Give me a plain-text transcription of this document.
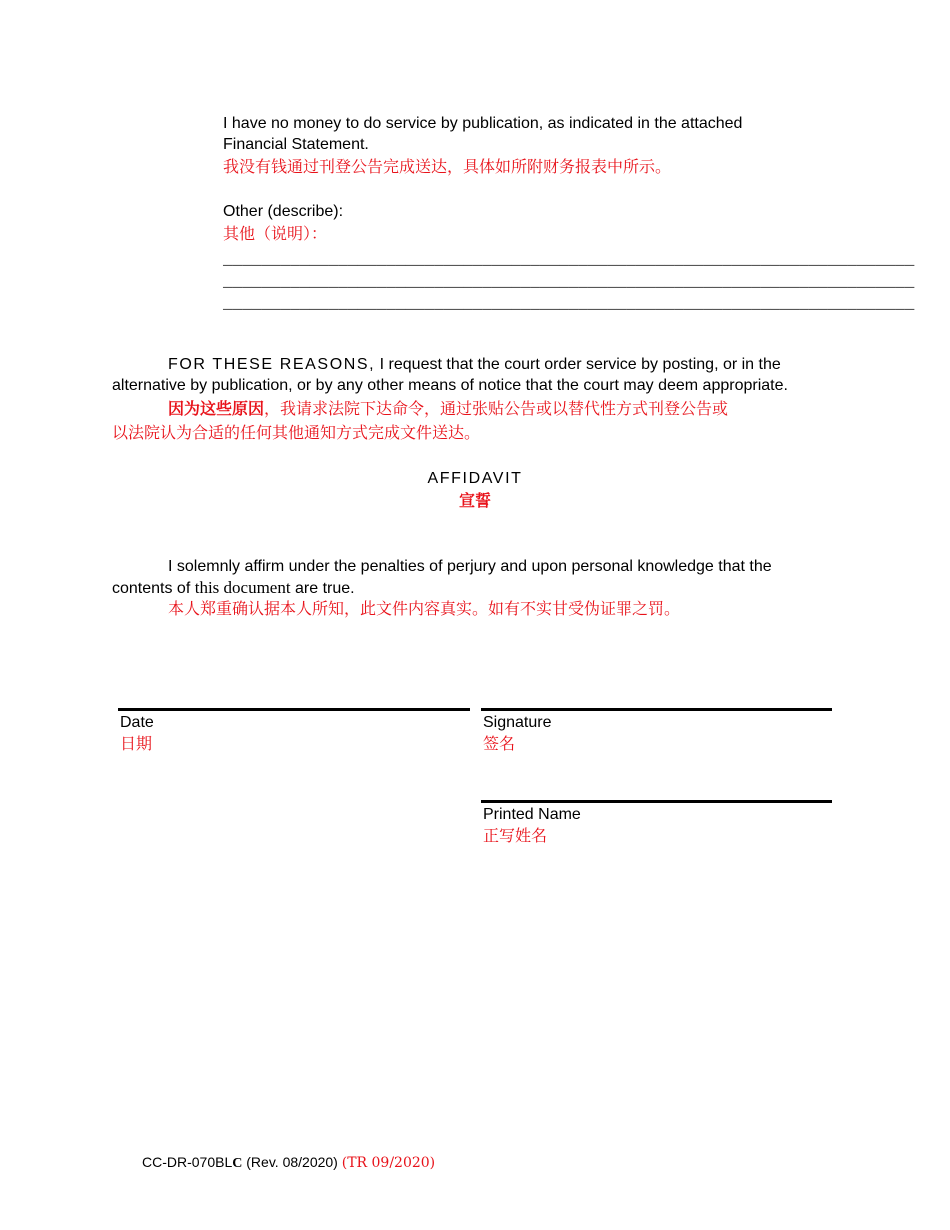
I have no money to do service by publication, as indicated in the attached
Financial Statement.
我没有钱通过刊登公告完成送达，具体如所附财务报表中所示。
Other (describe):
其他（说明）：
________________________________________________________________________
________________________________________________________________________
________________________________________________________________________
FOR THESE REASONS, I request that the court order service by posting, or in the
alternative by publication, or by any other means of notice that the court may deem appropriate.
因为这些原因，我请求法院下达命令，通过张贴公告或以替代性方式刊登公告或
以法院认为合适的任何其他通知方式完成文件送达。
AFFIDAVIT
宣誓
I solemnly affirm under the penalties of perjury and upon personal knowledge that the
contents of this document are true.
本人郑重确认据本人所知，此文件内容真实。如有不实甘受伪证罪之罚。
Date
日期
Signature
签名
Printed Name
正写姓名
CC-DR-070BLC (Rev. 08/2020) (TR 09/2020)
